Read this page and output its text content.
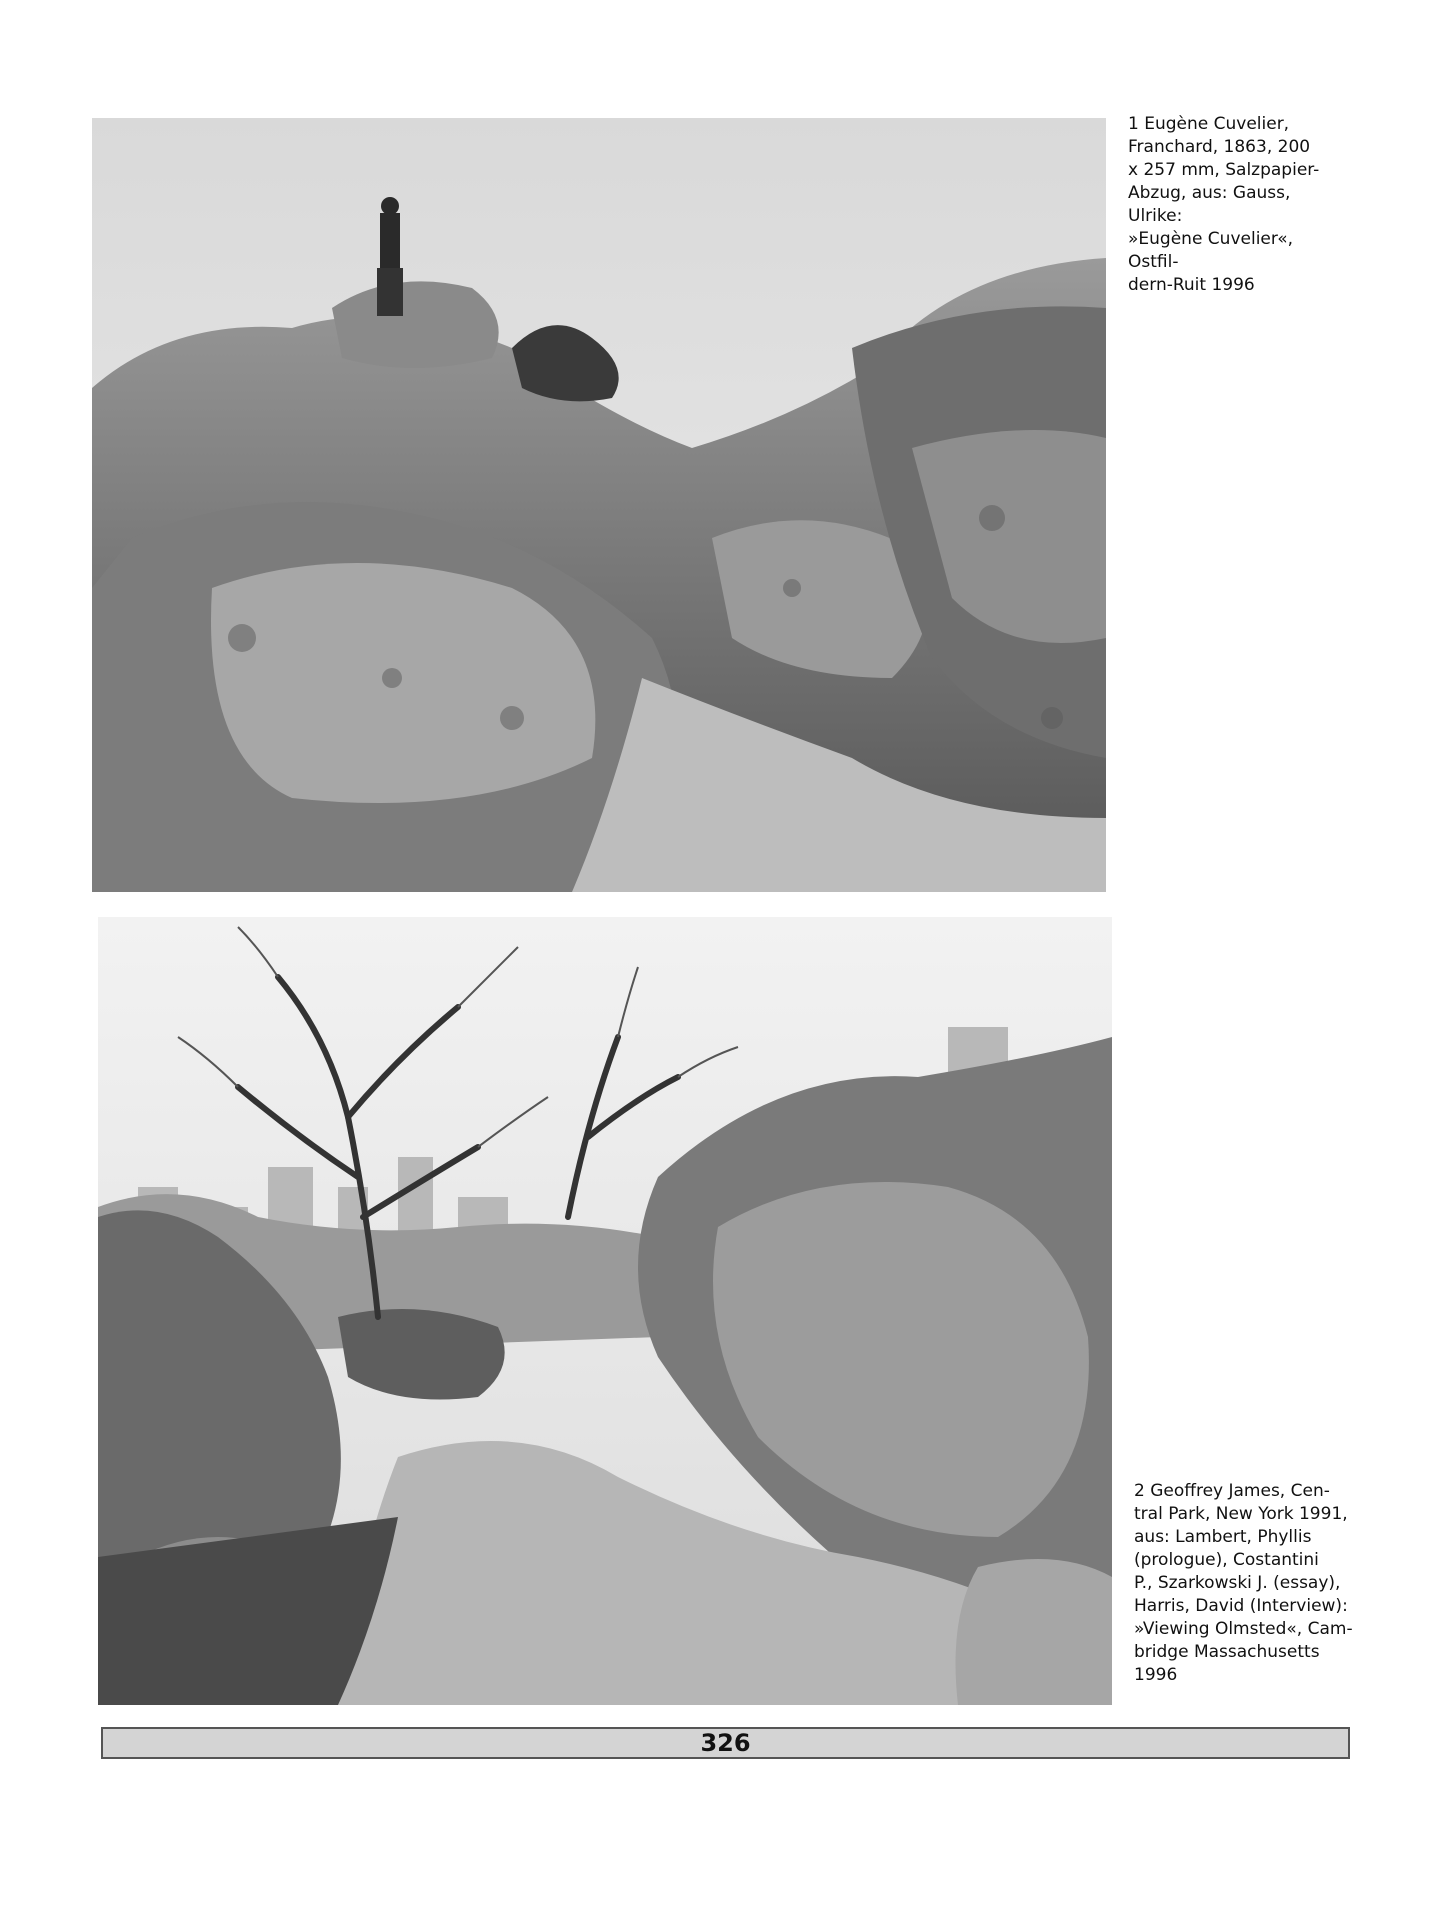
1 Eugène Cuvelier,
Franchard, 1863, 200
x 257 mm, Salzpapier-
Abzug, aus: Gauss, Ulrike:
»Eugène Cuvelier«, Ostfil-
dern-Ruit 1996
2 Geoffrey James, Cen-
tral Park, New York 1991,
aus: Lambert, Phyllis
(prologue), Costantini
P., Szarkowski J. (essay),
Harris, David (Interview):
»Viewing Olmsted«, Cam-
bridge Massachusetts
1996
326
